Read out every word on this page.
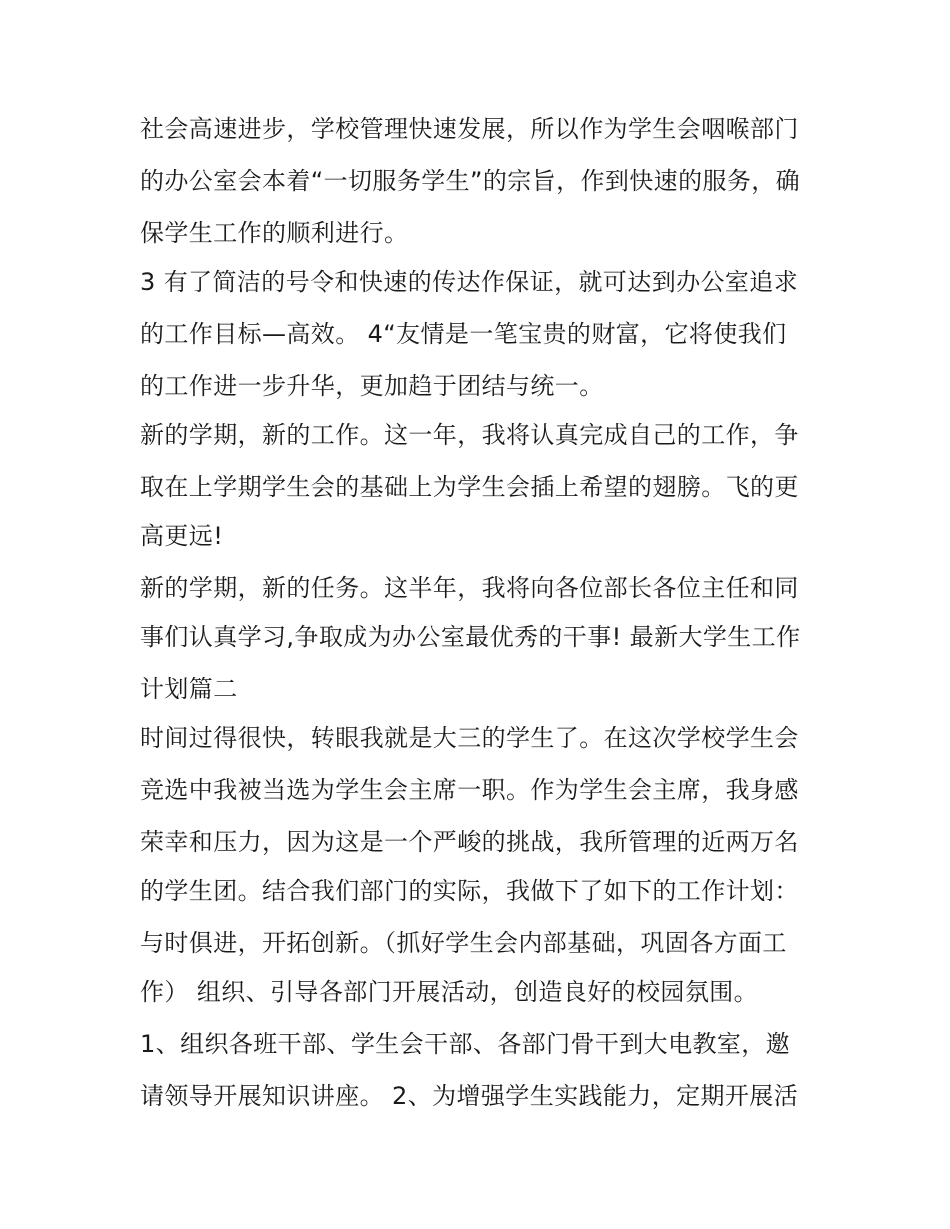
社会高速进步，学校管理快速发展，所以作为学生会咽喉部门
的办公室会本着“一切服务学生”的宗旨，作到快速的服务，确
保学生工作的顺利进行。
3 有了简洁的号令和快速的传达作保证，就可达到办公室追求
的工作目标—高效。 4“友情是一笔宝贵的财富，它将使我们
的工作进一步升华，更加趋于团结与统一。
新的学期，新的工作。这一年，我将认真完成自己的工作，争
取在上学期学生会的基础上为学生会插上希望的翅膀。飞的更
高更远!
新的学期，新的任务。这半年，我将向各位部长各位主任和同
事们认真学习,争取成为办公室最优秀的干事! 最新大学生工作
计划篇二
时间过得很快，转眼我就是大三的学生了。在这次学校学生会
竞选中我被当选为学生会主席一职。作为学生会主席，我身感
荣幸和压力，因为这是一个严峻的挑战，我所管理的近两万名
的学生团。结合我们部门的实际，我做下了如下的工作计划：
与时俱进，开拓创新。（抓好学生会内部基础，巩固各方面工
作） 组织、引导各部门开展活动，创造良好的校园氛围。
1、组织各班干部、学生会干部、各部门骨干到大电教室，邀
请领导开展知识讲座。 2、为增强学生实践能力，定期开展活
